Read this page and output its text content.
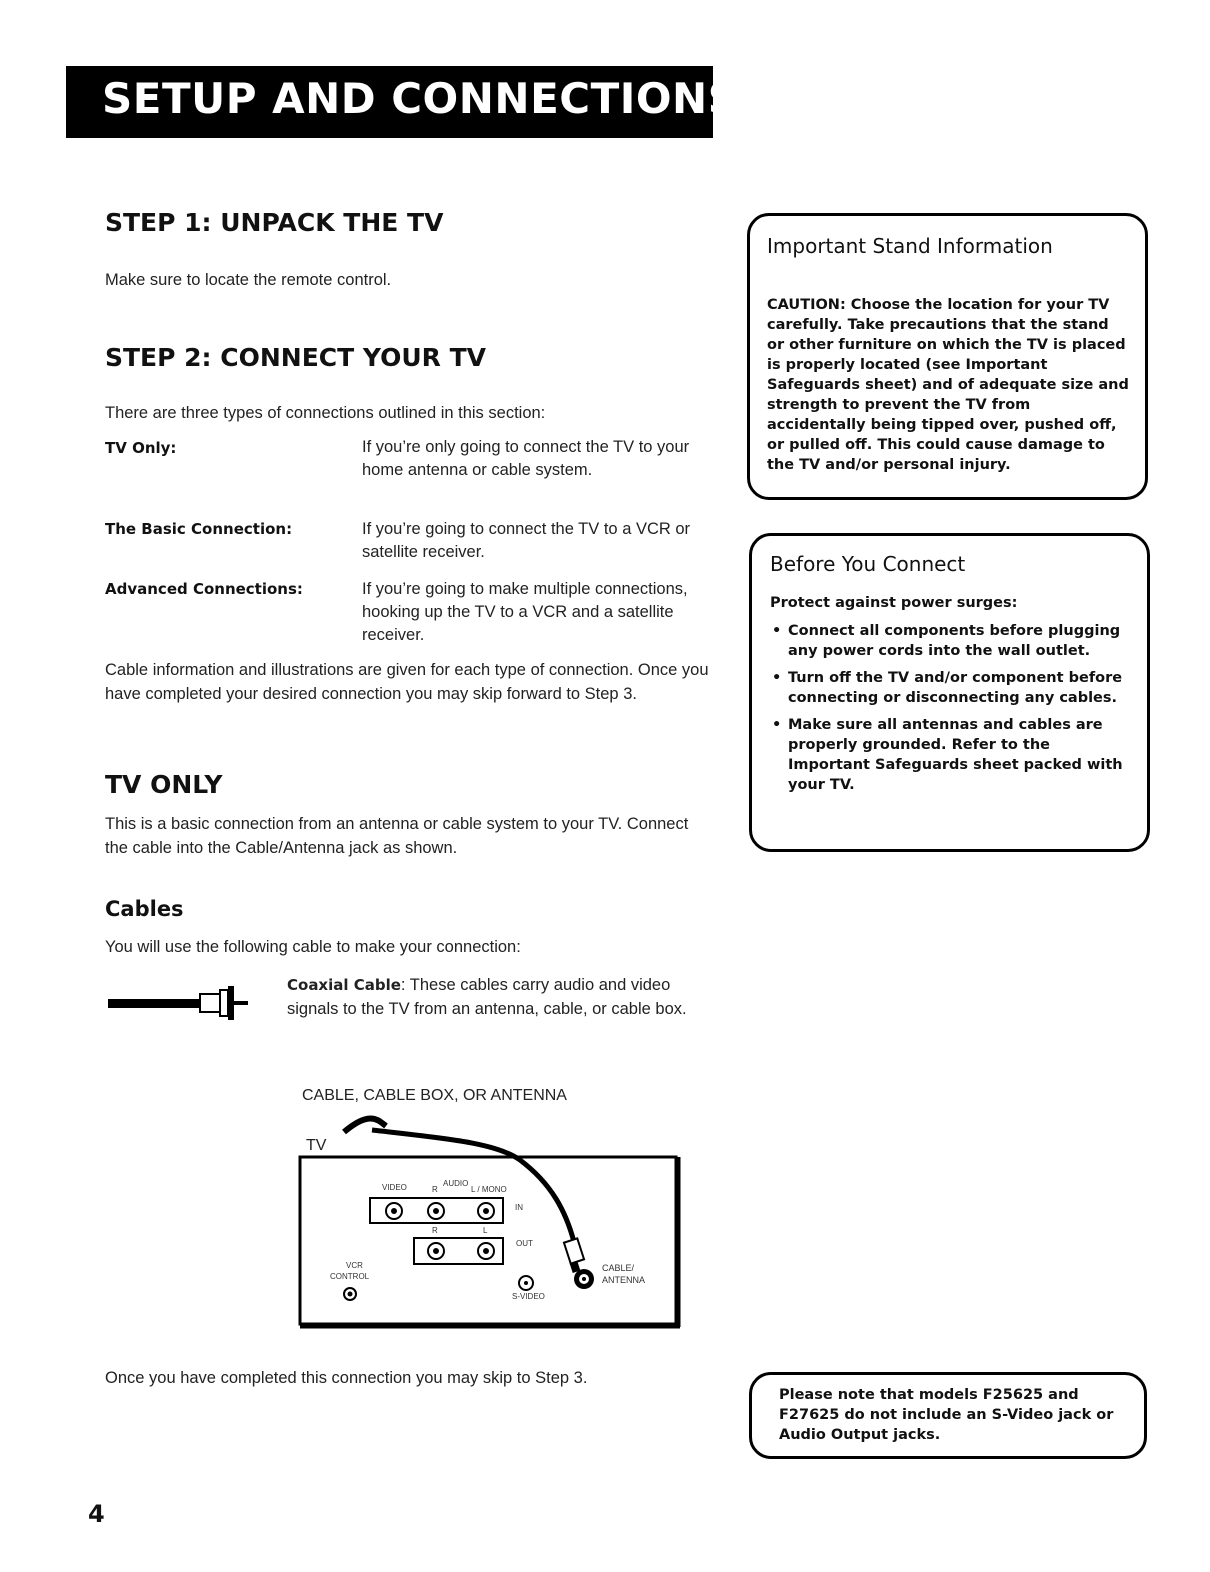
SETUP AND CONNECTIONS
STEP 1: UNPACK THE TV
Make sure to locate the remote control.
STEP 2: CONNECT YOUR TV
There are three types of connections outlined in this section:
TV Only:	If you’re only going to connect the TV to your home antenna or cable system.
The Basic Connection:	If you’re going to connect the TV to a VCR or satellite receiver.
Advanced Connections:	If you’re going to make multiple connections, hooking up the TV to a VCR and a satellite receiver.
Cable information and illustrations are given for each type of connection. Once you have completed your desired connection you may skip forward to Step 3.
TV ONLY
This is a basic connection from an antenna or cable system to your TV. Connect the cable into the Cable/Antenna jack as shown.
Cables
You will use the following cable to make your connection:
Coaxial Cable: These cables carry audio and video signals to the TV from an antenna, cable, or cable box.
CABLE, CABLE BOX, OR ANTENNA
TV
VIDEO	AUDIO
R	L / MONO
IN
R	L
OUT
VCR
CONTROL
S-VIDEO
CABLE/
ANTENNA
Once you have completed this connection you may skip to Step 3.
Important Stand Information
CAUTION: Choose the location for your TV carefully. Take precautions that the stand or other furniture on which the TV is placed is properly located (see Important Safeguards sheet) and of adequate size and strength to prevent the TV from accidentally being tipped over, pushed off, or pulled off. This could cause damage to the TV and/or personal injury.
Before You Connect
Protect against power surges:
• Connect all components before plugging any power cords into the wall outlet.
• Turn off the TV and/or component before connecting or disconnecting any cables.
• Make sure all antennas and cables are properly grounded. Refer to the Important Safeguards sheet packed with your TV.
Please note that models F25625 and F27625 do not include an S-Video jack or Audio Output jacks.
4
